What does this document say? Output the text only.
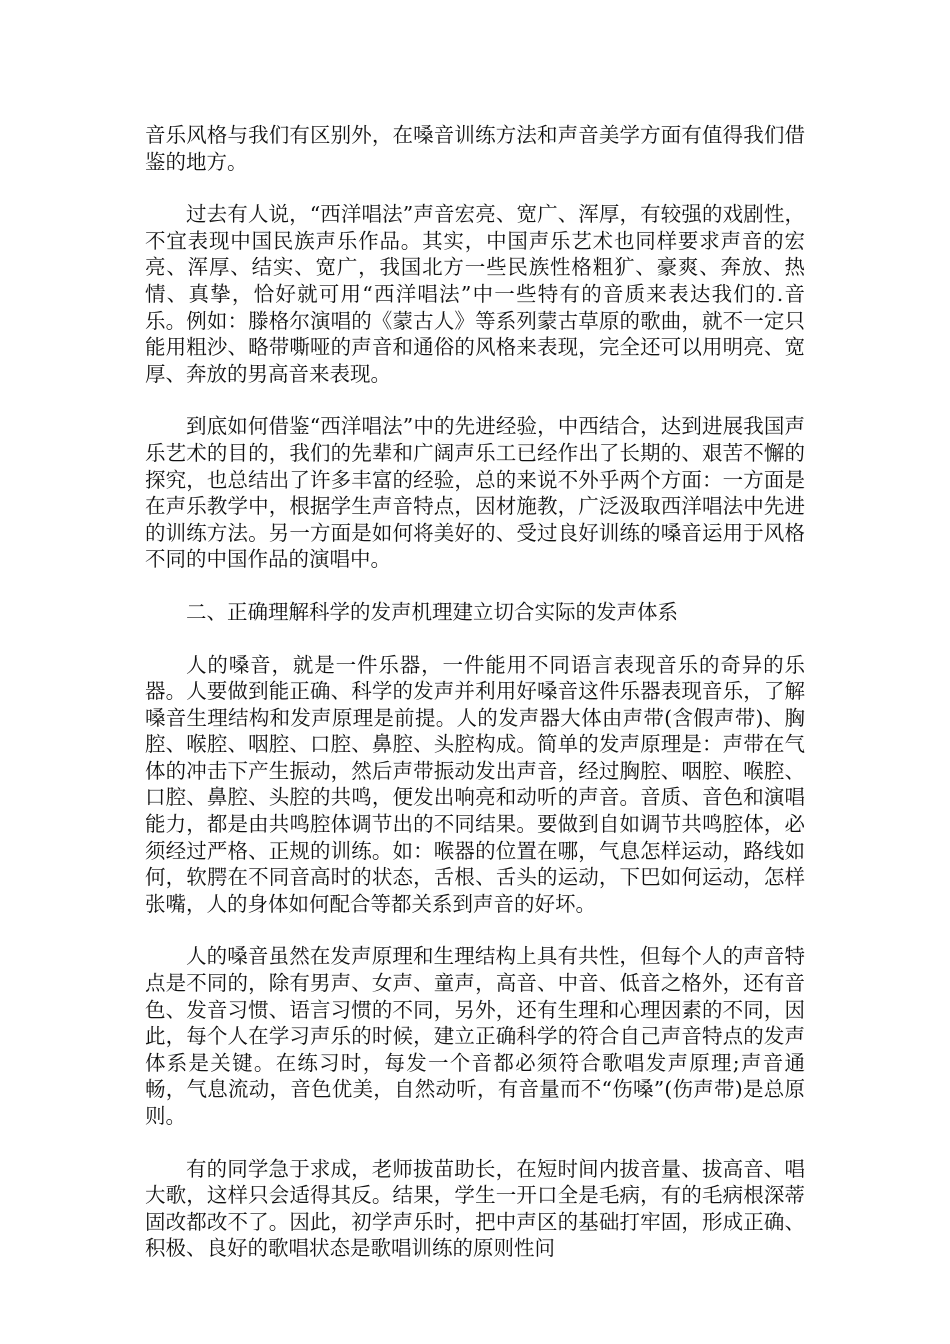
音乐风格与我们有区别外，在嗓音训练方法和声音美学方面有值得我们借鉴的地方。

过去有人说，“西洋唱法”声音宏亮、宽广、浑厚，有较强的戏剧性，不宜表现中国民族声乐作品。其实，中国声乐艺术也同样要求声音的宏亮、浑厚、结实、宽广，我国北方一些民族性格粗犷、豪爽、奔放、热情、真挚，恰好就可用“西洋唱法”中一些特有的音质来表达我们的.音乐。例如：滕格尔演唱的《蒙古人》等系列蒙古草原的歌曲，就不一定只能用粗沙、略带嘶哑的声音和通俗的风格来表现，完全还可以用明亮、宽厚、奔放的男高音来表现。

到底如何借鉴“西洋唱法”中的先进经验，中西结合，达到进展我国声乐艺术的目的，我们的先辈和广阔声乐工已经作出了长期的、艰苦不懈的探究，也总结出了许多丰富的经验，总的来说不外乎两个方面：一方面是在声乐教学中，根据学生声音特点，因材施教，广泛汲取西洋唱法中先进的训练方法。另一方面是如何将美好的、受过良好训练的嗓音运用于风格不同的中国作品的演唱中。

二、正确理解科学的发声机理建立切合实际的发声体系

人的嗓音，就是一件乐器，一件能用不同语言表现音乐的奇异的乐器。人要做到能正确、科学的发声并利用好嗓音这件乐器表现音乐，了解嗓音生理结构和发声原理是前提。人的发声器大体由声带(含假声带)、胸腔、喉腔、咽腔、口腔、鼻腔、头腔构成。简单的发声原理是：声带在气体的冲击下产生振动，然后声带振动发出声音，经过胸腔、咽腔、喉腔、口腔、鼻腔、头腔的共鸣，便发出响亮和动听的声音。音质、音色和演唱能力，都是由共鸣腔体调节出的不同结果。要做到自如调节共鸣腔体，必须经过严格、正规的训练。如：喉器的位置在哪，气息怎样运动，路线如何，软腭在不同音高时的状态，舌根、舌头的运动，下巴如何运动，怎样张嘴，人的身体如何配合等都关系到声音的好坏。

人的嗓音虽然在发声原理和生理结构上具有共性，但每个人的声音特点是不同的，除有男声、女声、童声，高音、中音、低音之格外，还有音色、发音习惯、语言习惯的不同，另外，还有生理和心理因素的不同，因此，每个人在学习声乐的时候，建立正确科学的符合自己声音特点的发声体系是关键。在练习时，每发一个音都必须符合歌唱发声原理;声音通畅，气息流动，音色优美，自然动听，有音量而不“伤嗓”(伤声带)是总原则。

有的同学急于求成，老师拔苗助长，在短时间内拔音量、拔高音、唱大歌，这样只会适得其反。结果，学生一开口全是毛病，有的毛病根深蒂固改都改不了。因此，初学声乐时，把中声区的基础打牢固，形成正确、积极、良好的歌唱状态是歌唱训练的原则性问
